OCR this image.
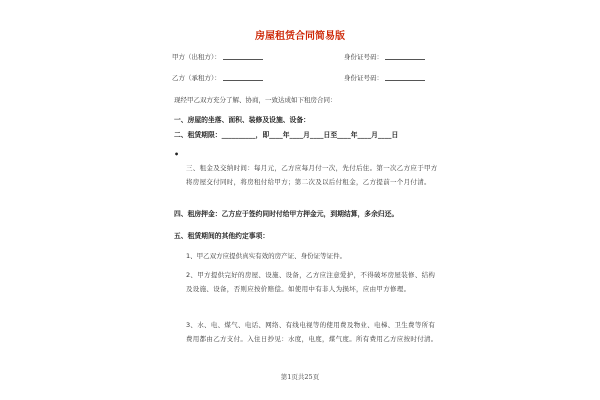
房屋租赁合同简易版
甲方（出租方）：	身份证号码：
乙方（承租方）：	身份证号码：
现经甲乙双方充分了解、协商，一致达成如下租房合同：
一、房屋的坐落、面积、装修及设施、设备：
二、租赁期限：__________，即____年____月____日至____年____月____日
•
三、租金及交纳时间：每月元，乙方应每月付一次，先付后住。第一次乙方应于甲方将房屋交付同时，将房租付给甲方；第二次及以后付租金，乙方提前一个月付清。
四、租房押金：乙方应于签约同时付给甲方押金元，到期结算，多余归还。
五、租赁期间的其他约定事项：
1、甲乙双方应提供真实有效的房产证、身份证等证件。
2、甲方提供完好的房屋、设施、设备，乙方应注意爱护，不得破坏房屋装修、结构及设施、设备，否则应按价赔偿。如使用中有非人为损坏，应由甲方修理。
3、水、电、煤气、电话、网络、有线电视等的使用费及物业、电梯、卫生费等所有费用都由乙方支付。入住日抄见：水度，电度，煤气度。所有费用乙方应按时付清。
第1页共25页
